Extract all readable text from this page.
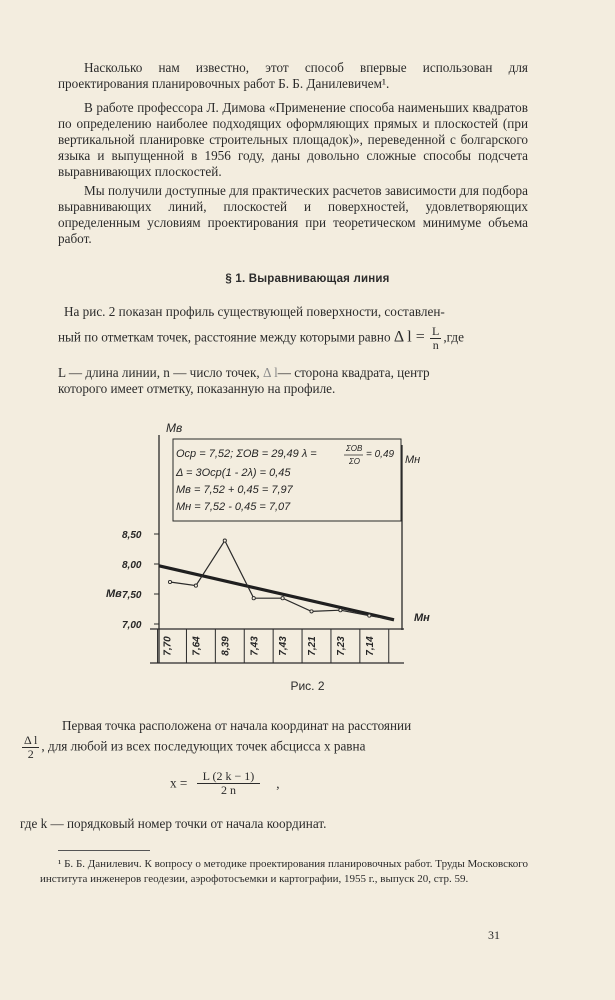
Насколько нам известно, этот способ впервые использован для проектирования планировочных работ Б. Б. Данилевичем¹.

В работе профессора Л. Димова «Применение способа наименьших квадратов по определению наиболее подходящих оформляющих прямых и плоскостей (при вертикальной планировке строительных площадок)», переведенной с болгарского языка и выпущенной в 1956 году, даны довольно сложные способы подсчета выравнивающих плоскостей.

Мы получили доступные для практических расчетов зависимости для подбора выравнивающих линий, плоскостей и поверхностей, удовлетворяющих определенным условиям проектирования при теоретическом минимуме объема работ.

§ 1. Выравнивающая линия
На рис. 2 показан профиль существующей поверхности, составлен-
ный по отметкам точек, расстояние между которыми равно Δ $l = \frac{L}{n} ,где$
L — длина линии, n — число точек, Δ l— сторона квадрата, центр
которого имеет отметку, показанную на профиле.
7,00
7,50
8,00
8,50
7,70 7,64 8,39 7,43 7,43 7,21 7,23 7,14
Мв
Мн
Оср = 7,52; ΣОВ = 29,49 λ =	ΣОВ
ΣО
= 0,49
Δ = 3Оср(1 - 2λ) = 0,45
Мв = 7,52 + 0,45 = 7,97
Мн = 7,52 - 0,45 = 7,07
Мв
Мн
Рис. 2
Первая точка расположена от начала координат на расстоянии
$\frac{\text{Δ l}}{2}$ , для любой из всех последующих точек абсцисса x равна
$x = \frac{L (2 k - 1)}{2 n}$ ,
где k — порядковый номер точки от начала координат.
¹ Б. Б. Данилевич. К вопросу о методике проектирования планировочных работ. Труды Московского института инженеров геодезии, аэрофотосъемки и картографии, 1955 г., выпуск 20, стр. 59.
31
